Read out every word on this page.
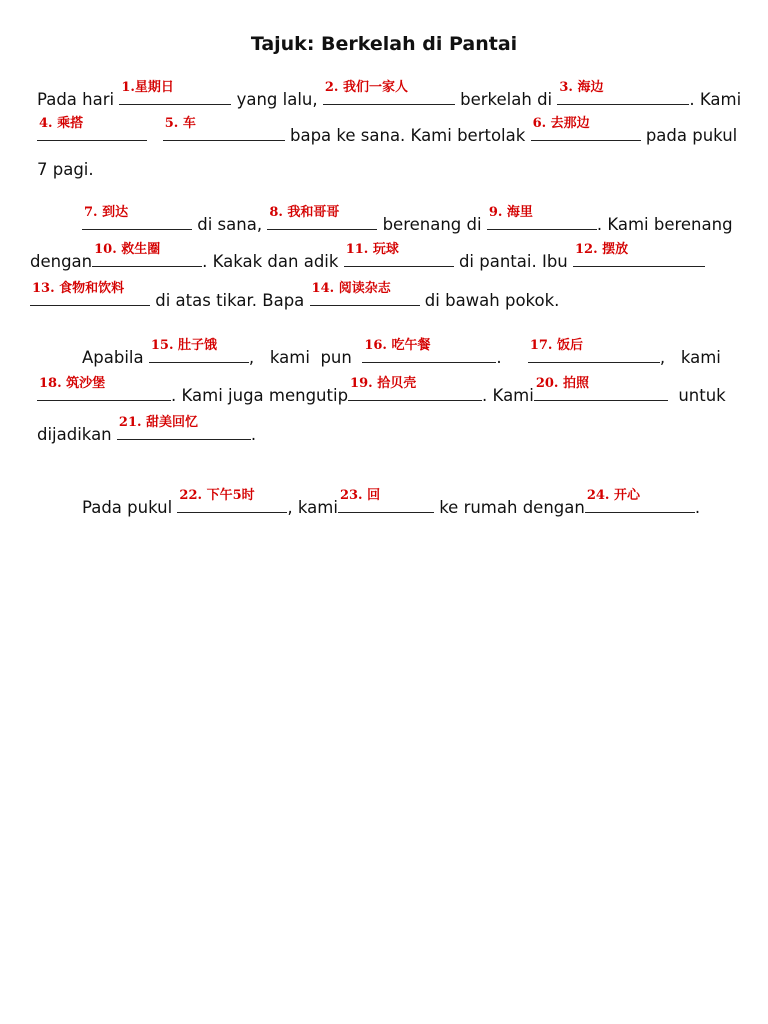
Tajuk: Berkelah di Pantai
Pada hari
1.星期日
yang lalu,
2. 我们一家人
berkelah di
3. 海边
. Kami
4. 乘搭
	5. 车
bapa ke sana. Kami bertolak
6. 去那边
pada pukul
7 pagi.
7. 到达
di sana,
8. 我和哥哥
berenang di
9. 海里
. Kami berenang
dengan
10. 救生圈
. Kakak dan adik
11. 玩球
di pantai. Ibu
12. 摆放
13. 食物和饮料
di atas tikar. Bapa
14. 阅读杂志
di bawah pokok.
Apabila
15. 肚子饿
, kami pun
16. 吃午餐
.
17. 饭后
, kami
18. 筑沙堡
. Kami juga mengutip
19. 拾贝壳
. Kami
20. 拍照
untuk
dijadikan
21. 甜美回忆
.
Pada pukul
22. 下午5时
, kami
23. 回
ke rumah dengan
24. 开心
.
